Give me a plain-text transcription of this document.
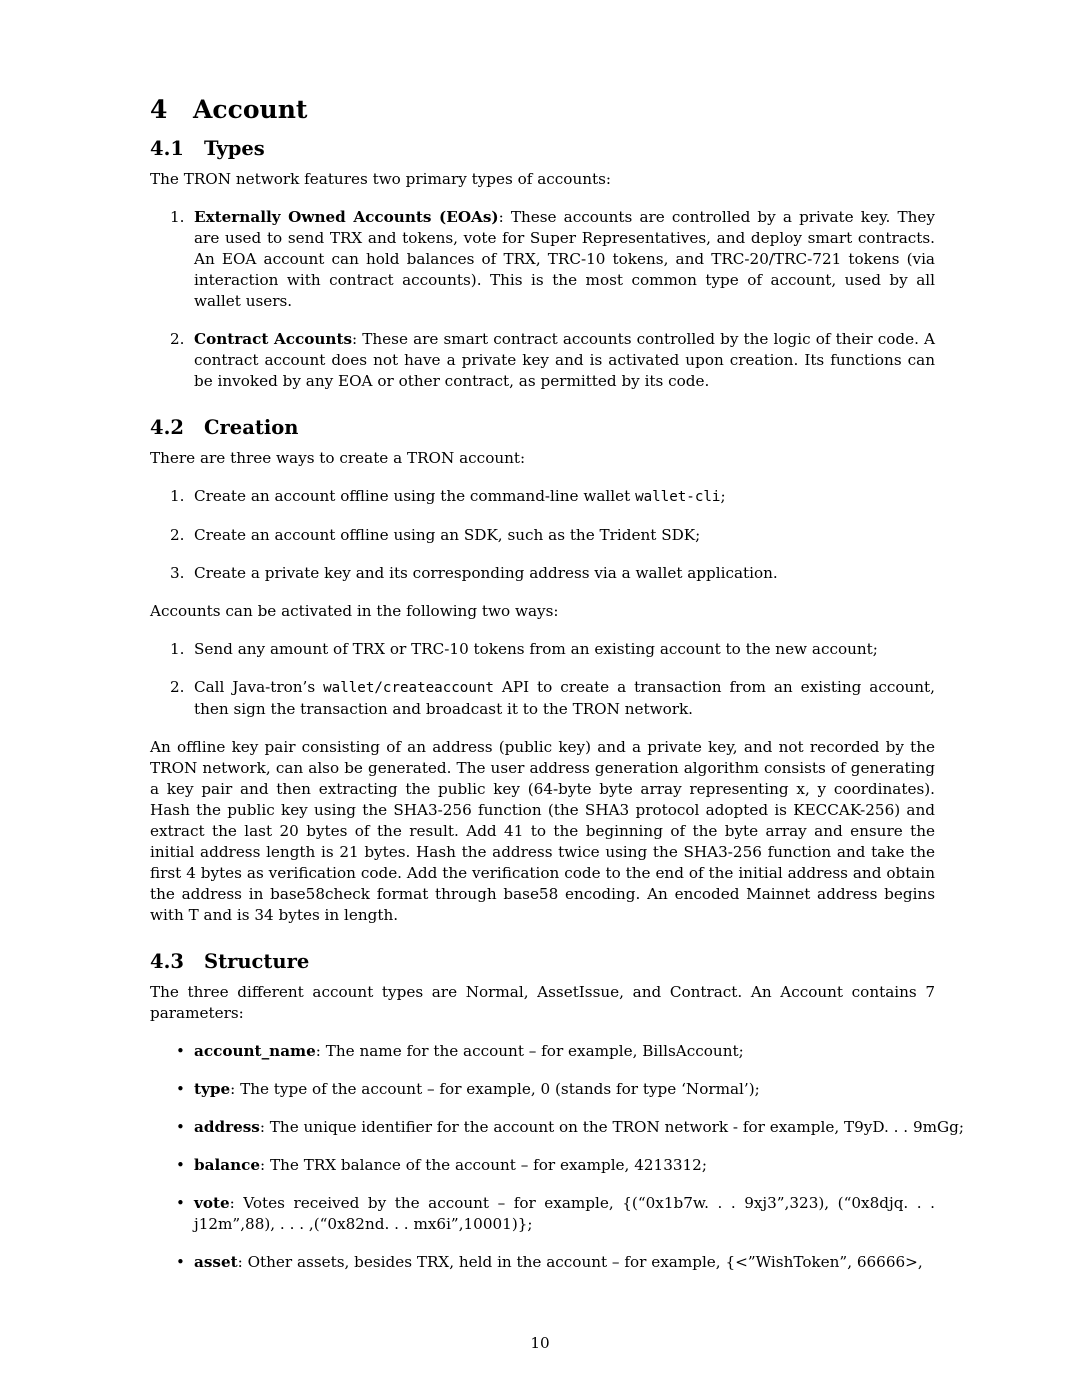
4 Account
4.1 Types

The TRON network features two primary types of accounts:

1. Externally Owned Accounts (EOAs): These accounts are controlled by a private key. They are used to send TRX and tokens, vote for Super Representatives, and deploy smart contracts. An EOA account can hold balances of TRX, TRC-10 tokens, and TRC-20/TRC-721 tokens (via interaction with contract accounts). This is the most common type of account, used by all wallet users.
2. Contract Accounts: These are smart contract accounts controlled by the logic of their code. A contract account does not have a private key and is activated upon creation. Its functions can be invoked by any EOA or other contract, as permitted by its code.
4.2 Creation

There are three ways to create a TRON account:

1. Create an account offline using the command-line wallet wallet-cli;
2. Create an account offline using an SDK, such as the Trident SDK;
3. Create a private key and its corresponding address via a wallet application.

Accounts can be activated in the following two ways:

1. Send any amount of TRX or TRC-10 tokens from an existing account to the new account;
2. Call Java-tron’s wallet/createaccount API to create a transaction from an existing account, then sign the transaction and broadcast it to the TRON network.

An offline key pair consisting of an address (public key) and a private key, and not recorded by the TRON network, can also be generated. The user address generation algorithm consists of generating a key pair and then extracting the public key (64-byte byte array representing x, y coordinates). Hash the public key using the SHA3-256 function (the SHA3 protocol adopted is KECCAK-256) and extract the last 20 bytes of the result. Add 41 to the beginning of the byte array and ensure the initial address length is 21 bytes. Hash the address twice using the SHA3-256 function and take the first 4 bytes as verification code. Add the verification code to the end of the initial address and obtain the address in base58check format through base58 encoding. An encoded Mainnet address begins with T and is 34 bytes in length.

4.3 Structure

The three different account types are Normal, AssetIssue, and Contract. An Account contains 7 parameters:

• account_name: The name for the account – for example, BillsAccount;
• type: The type of the account – for example, 0 (stands for type ‘Normal’);
• address: The unique identifier for the account on the TRON network - for example, T9yD. . . 9mGg;
• balance: The TRX balance of the account – for example, 4213312;
• vote: Votes received by the account – for example, {(“0x1b7w. . . 9xj3”,323), (“0x8djq. . . j12m”,88), . . . ,(“0x82nd. . . mx6i”,10001)};
• asset: Other assets, besides TRX, held in the account – for example, {<”WishToken”, 66666>,
10
